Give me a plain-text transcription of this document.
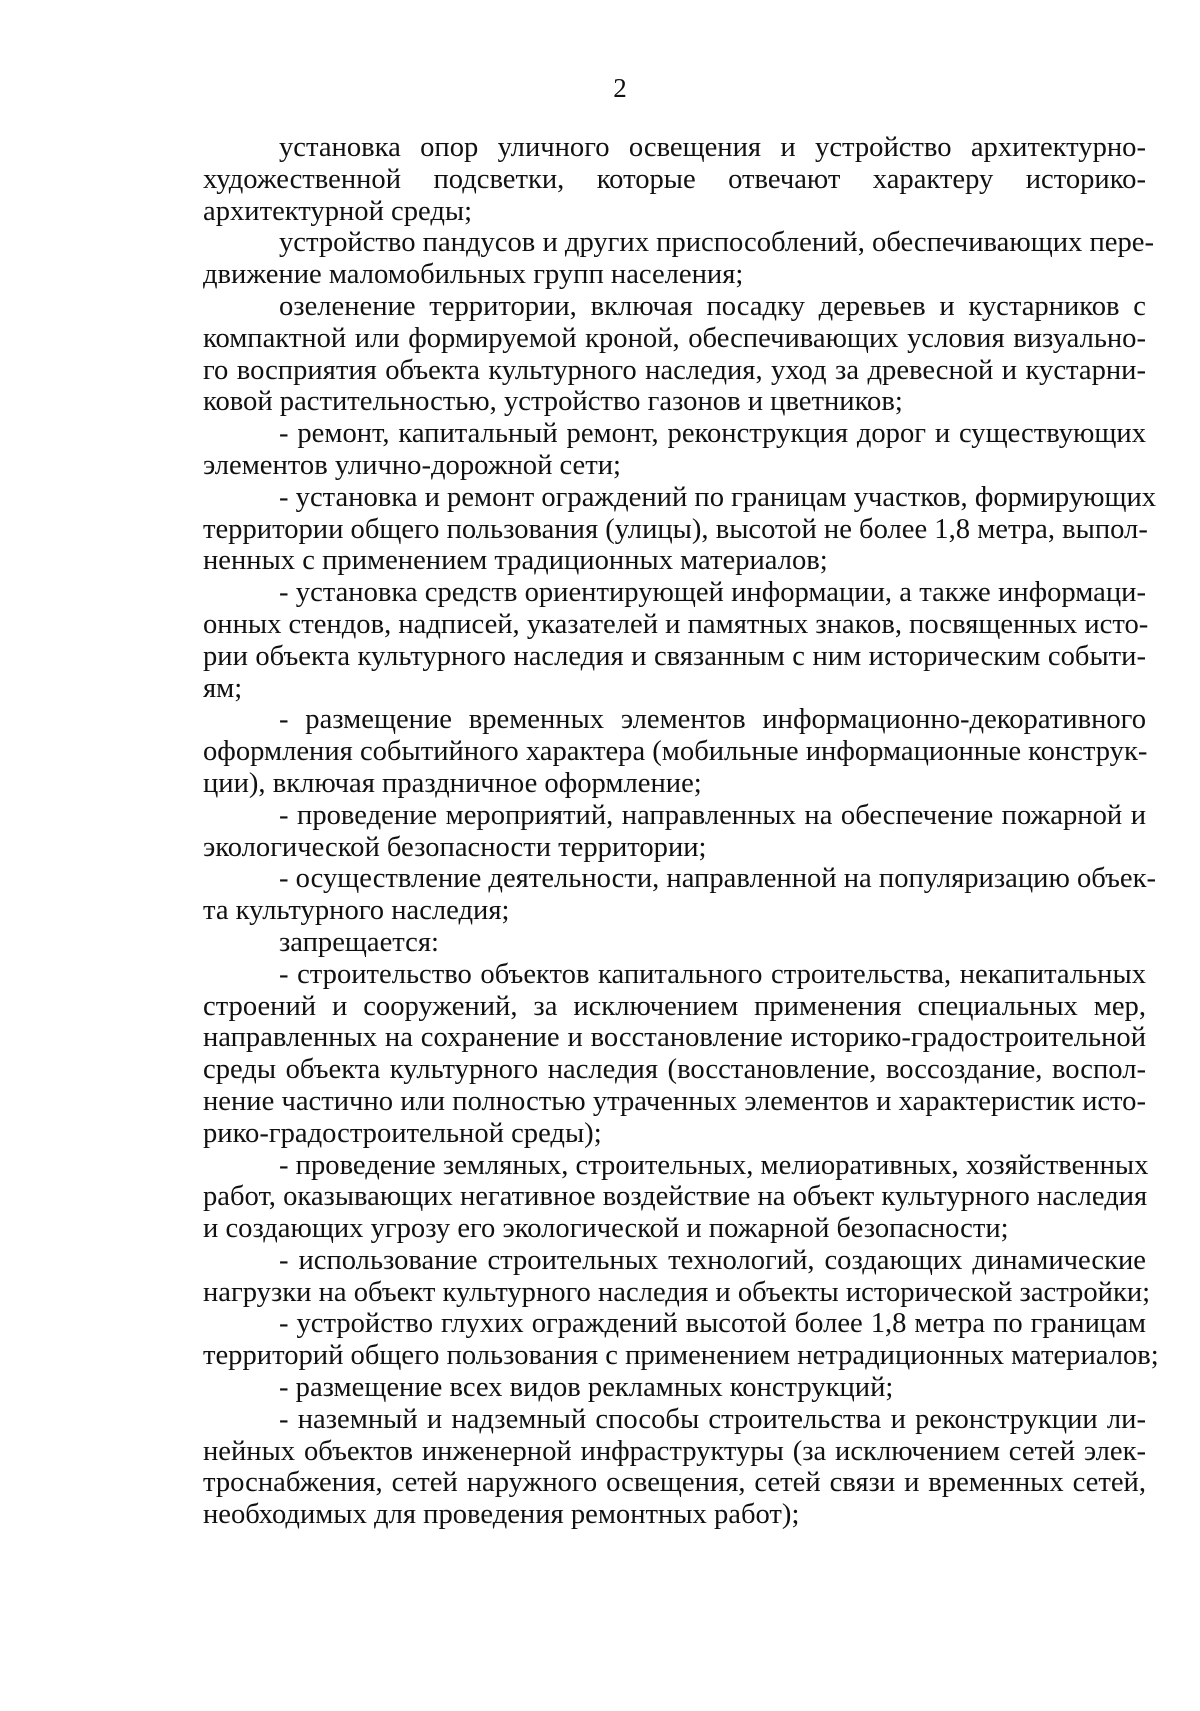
2
установка опор уличного освещения и устройство архитектурно-
художественной подсветки, которые отвечают характеру историко-
архитектурной среды;
устройство пандусов и других приспособлений, обеспечивающих пере-
движение маломобильных групп населения;
озеленение территории, включая посадку деревьев и кустарников с
компактной или формируемой кроной, обеспечивающих условия визуально-
го восприятия объекта культурного наследия, уход за древесной и кустарни-
ковой растительностью, устройство газонов и цветников;
- ремонт, капитальный ремонт, реконструкция дорог и существующих
элементов улично-дорожной сети;
- установка и ремонт ограждений по границам участков, формирующих
территории общего пользования (улицы), высотой не более 1,8 метра, выпол-
ненных с применением традиционных материалов;
- установка средств ориентирующей информации, а также информаци-
онных стендов, надписей, указателей и памятных знаков, посвященных исто-
рии объекта культурного наследия и связанным с ним историческим событи-
ям;
- размещение временных элементов информационно-декоративного
оформления событийного характера (мобильные информационные конструк-
ции), включая праздничное оформление;
- проведение мероприятий, направленных на обеспечение пожарной и
экологической безопасности территории;
- осуществление деятельности, направленной на популяризацию объек-
та культурного наследия;
запрещается:
- строительство объектов капитального строительства, некапитальных
строений и сооружений, за исключением применения специальных мер,
направленных на сохранение и восстановление историко-градостроительной
среды объекта культурного наследия (восстановление, воссоздание, воспол-
нение частично или полностью утраченных элементов и характеристик исто-
рико-градостроительной среды);
- проведение земляных, строительных, мелиоративных, хозяйственных
работ, оказывающих негативное воздействие на объект культурного наследия
и создающих угрозу его экологической и пожарной безопасности;
- использование строительных технологий, создающих динамические
нагрузки на объект культурного наследия и объекты исторической застройки;
- устройство глухих ограждений высотой более 1,8 метра по границам
территорий общего пользования с применением нетрадиционных материалов;
- размещение всех видов рекламных конструкций;
- наземный и надземный способы строительства и реконструкции ли-
нейных объектов инженерной инфраструктуры (за исключением сетей элек-
троснабжения, сетей наружного освещения, сетей связи и временных сетей,
необходимых для проведения ремонтных работ);
